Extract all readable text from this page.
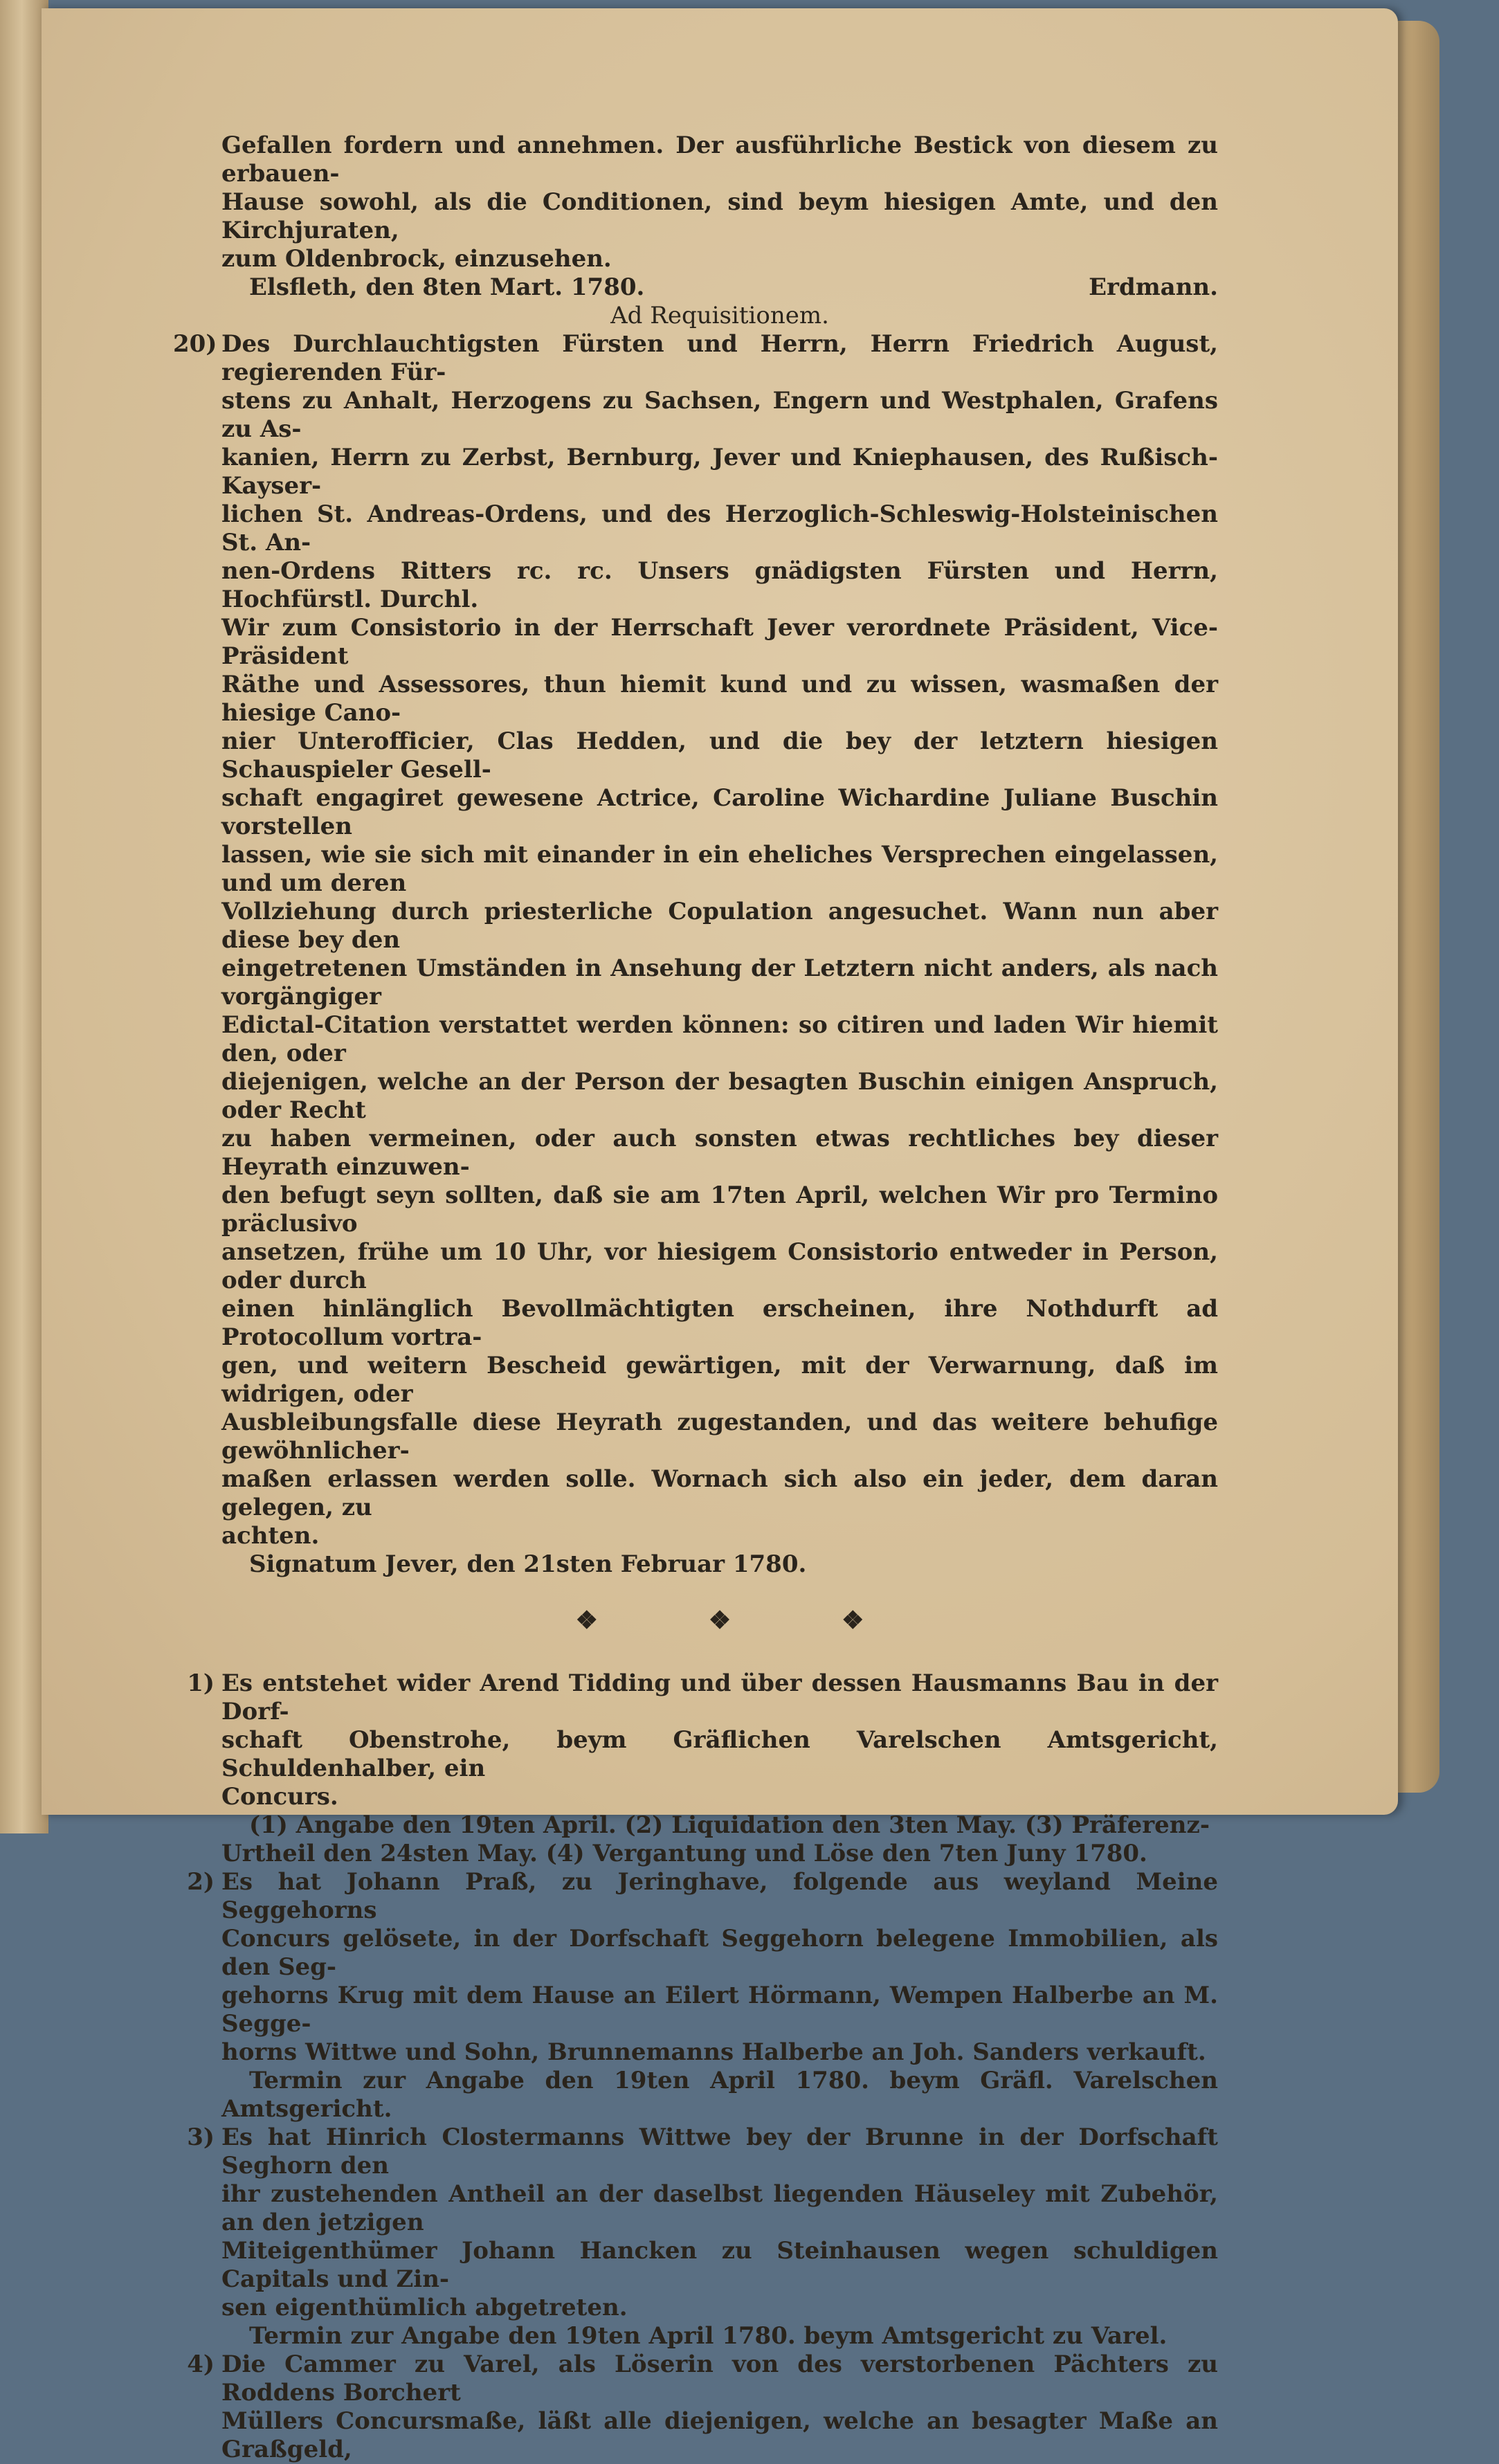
Gefallen fordern und annehmen. Der ausführliche Bestick von diesem zu erbauen-

Hause sowohl, als die Conditionen, sind beym hiesigen Amte, und den Kirchjuraten,

zum Oldenbrock, einzusehen.

Elsfleth, den 8ten Mart. 1780.	Erdmann.

Ad Requisitionem.

20) Des Durchlauchtigsten Fürsten und Herrn, Herrn Friedrich August, regierenden Für-

stens zu Anhalt, Herzogens zu Sachsen, Engern und Westphalen, Grafens zu As-

kanien, Herrn zu Zerbst, Bernburg, Jever und Kniephausen, des Rußisch-Kayser-

lichen St. Andreas-Ordens, und des Herzoglich-Schleswig-Holsteinischen St. An-

nen-Ordens Ritters rc. rc. Unsers gnädigsten Fürsten und Herrn, Hochfürstl. Durchl.

Wir zum Consistorio in der Herrschaft Jever verordnete Präsident, Vice-Präsident

Räthe und Assessores, thun hiemit kund und zu wissen, wasmaßen der hiesige Cano-

nier Unterofficier, Clas Hedden, und die bey der letztern hiesigen Schauspieler Gesell-

schaft engagiret gewesene Actrice, Caroline Wichardine Juliane Buschin vorstellen

lassen, wie sie sich mit einander in ein eheliches Versprechen eingelassen, und um deren

Vollziehung durch priesterliche Copulation angesuchet. Wann nun aber diese bey den

eingetretenen Umständen in Ansehung der Letztern nicht anders, als nach vorgängiger

Edictal-Citation verstattet werden können: so citiren und laden Wir hiemit den, oder

diejenigen, welche an der Person der besagten Buschin einigen Anspruch, oder Recht

zu haben vermeinen, oder auch sonsten etwas rechtliches bey dieser Heyrath einzuwen-

den befugt seyn sollten, daß sie am 17ten April, welchen Wir pro Termino präclusivo

ansetzen, frühe um 10 Uhr, vor hiesigem Consistorio entweder in Person, oder durch

einen hinlänglich Bevollmächtigten erscheinen, ihre Nothdurft ad Protocollum vortra-

gen, und weitern Bescheid gewärtigen, mit der Verwarnung, daß im widrigen, oder

Ausbleibungsfalle diese Heyrath zugestanden, und das weitere behufige gewöhnlicher-

maßen erlassen werden solle. Wornach sich also ein jeder, dem daran gelegen, zu

achten.

Signatum Jever, den 21sten Februar 1780.

❖	❖	❖
1) Es entstehet wider Arend Tidding und über dessen Hausmanns Bau in der Dorf-

schaft Obenstrohe, beym Gräflichen Varelschen Amtsgericht, Schuldenhalber, ein

Concurs.

(1) Angabe den 19ten April. (2) Liquidation den 3ten May. (3) Präferenz-

Urtheil den 24sten May. (4) Vergantung und Löse den 7ten Juny 1780.

2) Es hat Johann Praß, zu Jeringhave, folgende aus weyland Meine Seggehorns

Concurs gelösete, in der Dorfschaft Seggehorn belegene Immobilien, als den Seg-

gehorns Krug mit dem Hause an Eilert Hörmann, Wempen Halberbe an M. Segge-

horns Wittwe und Sohn, Brunnemanns Halberbe an Joh. Sanders verkauft.

Termin zur Angabe den 19ten April 1780. beym Gräfl. Varelschen Amtsgericht.

3) Es hat Hinrich Clostermanns Wittwe bey der Brunne in der Dorfschaft Seghorn den

ihr zustehenden Antheil an der daselbst liegenden Häuseley mit Zubehör, an den jetzigen

Miteigenthümer Johann Hancken zu Steinhausen wegen schuldigen Capitals und Zin-

sen eigenthümlich abgetreten.

Termin zur Angabe den 19ten April 1780. beym Amtsgericht zu Varel.

4) Die Cammer zu Varel, als Löserin von des verstorbenen Pächters zu Roddens Borchert

Müllers Concursmaße, läßt alle diejenigen, welche an besagter Maße an Graßgeld,
